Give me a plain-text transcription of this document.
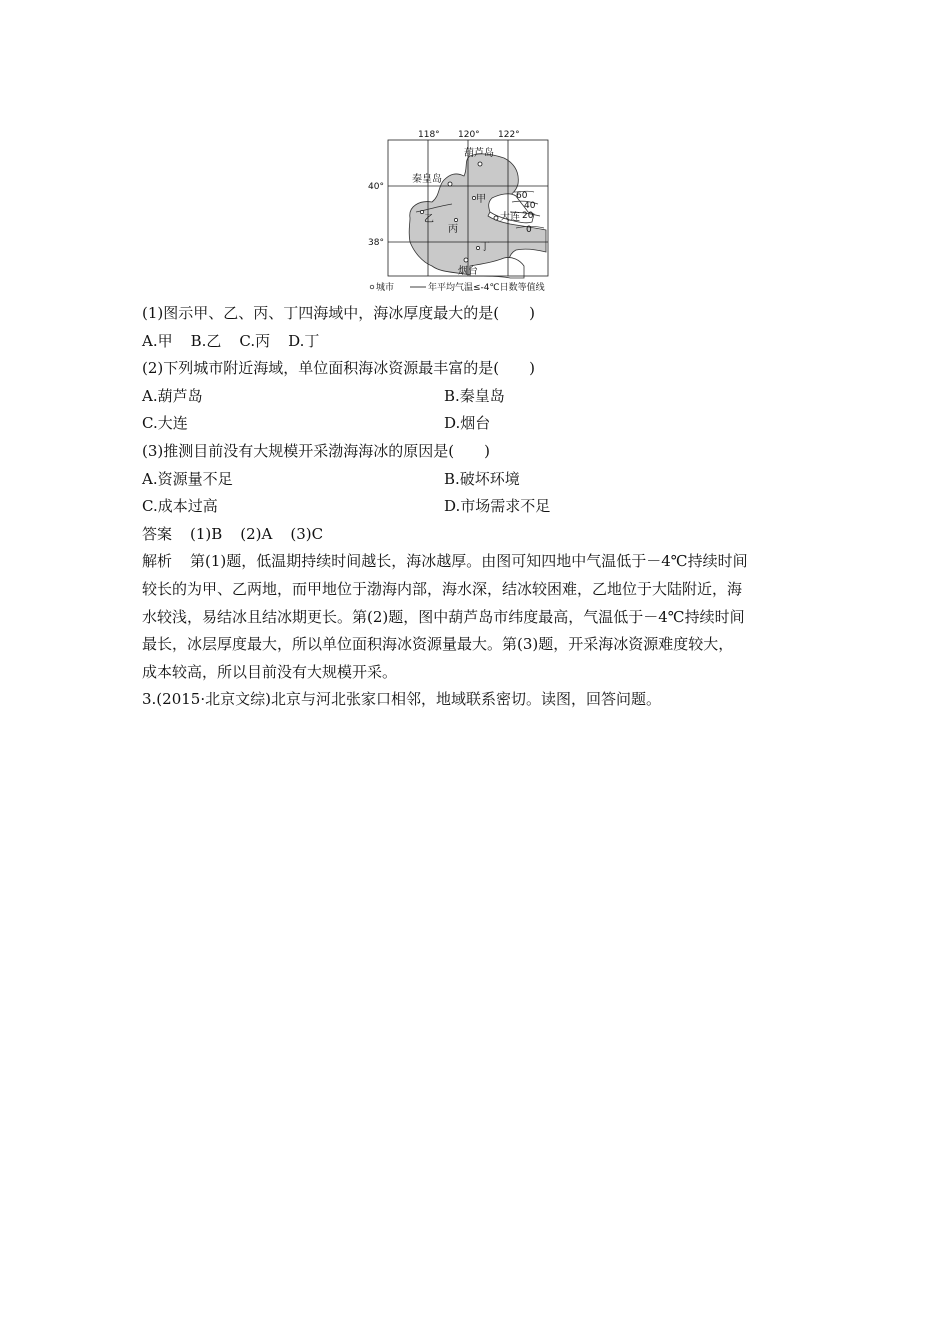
118° 120° 122°
40°
38°
葫芦岛
秦皇岛
大连
烟台
甲
乙
丙
丁
60
40
20
0
城市	年平均气温≤-4℃日数等值线
(1)图示甲、乙、丙、丁四海域中，海冰厚度最大的是(　　)
A.甲 B.乙 C.丙 D.丁
(2)下列城市附近海域，单位面积海冰资源最丰富的是(　　)
A.葫芦岛	B.秦皇岛
C.大连	D.烟台
(3)推测目前没有大规模开采渤海海冰的原因是(　　)
A.资源量不足	B.破坏环境
C.成本过高	D.市场需求不足
答案 (1)B (2)A (3)C
解析 第(1)题，低温期持续时间越长，海冰越厚。由图可知四地中气温低于－4℃持续时间
较长的为甲、乙两地，而甲地位于渤海内部，海水深，结冰较困难，乙地位于大陆附近，海
水较浅，易结冰且结冰期更长。第(2)题，图中葫芦岛市纬度最高，气温低于－4℃持续时间
最长，冰层厚度最大，所以单位面积海冰资源量最大。第(3)题，开采海冰资源难度较大，
成本较高，所以目前没有大规模开采。
3.(2015·北京文综)北京与河北张家口相邻，地域联系密切。读图，回答问题。
